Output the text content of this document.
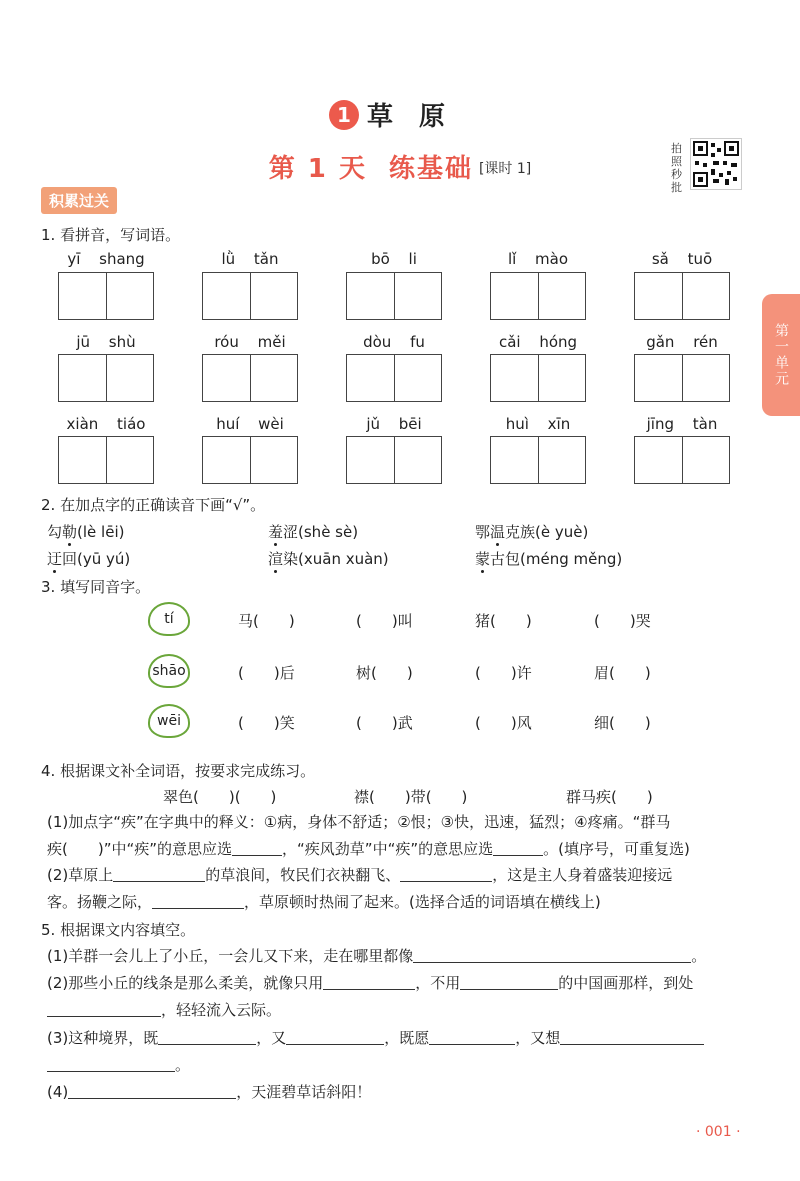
1 草原
第 1 天 练基础 [课时 1]
拍照秒批
第一单元
积累过关
1. 看拼音，写词语。
yī shang	lǜ tǎn	bō li	lǐ mào	sǎ tuō
jū shù	róu měi	dòu fu	cǎi hóng	gǎn rén
xiàn tiáo	huí wèi	jǔ bēi	huì xīn	jīng tàn
2. 在加点字的正确读音下画“√”。
勾勒(lè lēi)	羞涩(shè sè)	鄂温克族(è yuè)
迂回(yū yú)	渲染(xuān xuàn)	蒙古包(méng měng)
3. 填写同音字。
tí	马(　　)	(　　)叫	猪(　　)	(　　)哭
shāo	(　　)后	树(　　)	(　　)许	眉(　　)
wēi	(　　)笑	(　　)武	(　　)风	细(　　)
4. 根据课文补全词语，按要求完成练习。
翠色(　　)(　　)	襟(　　)带(　　)	群马疾(　　)
(1)加点字“疾”在字典中的释义：①病，身体不舒适；②恨；③快，迅速，猛烈；④疼痛。“群马
疾(　　)”中“疾”的意思应选	，“疾风劲草”中“疾”的意思应选	。(填序号，可重复选)
(2)草原上	的草浪间，牧民们衣袂翻飞、	，这是主人身着盛装迎接远
客。扬鞭之际，	，草原顿时热闹了起来。(选择合适的词语填在横线上)
5. 根据课文内容填空。
(1)羊群一会儿上了小丘，一会儿又下来，走在哪里都像	。
(2)那些小丘的线条是那么柔美，就像只用	，不用	的中国画那样，到处
，轻轻流入云际。
(3)这种境界，既	，又	，既愿	，又想
。
(4)	，天涯碧草话斜阳！
· 001 ·
